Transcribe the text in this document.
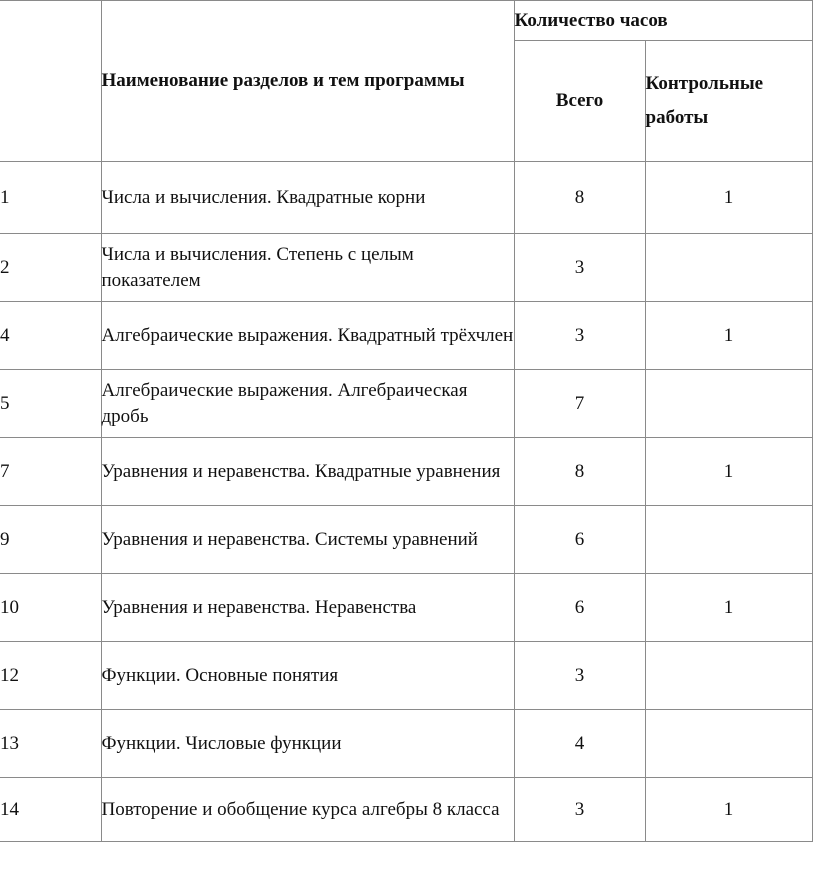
	Наименование разделов и тем программы	Количество часов	
		Всего	Контрольные работы
1	Числа и вычисления. Квадратные корни	8	1
2	Числа и вычисления. Степень с целым показателем	3	
4	Алгебраические выражения. Квадратный трёхчлен	3	1
5	Алгебраические выражения. Алгебраическая дробь	7	
7	Уравнения и неравенства. Квадратные уравнения	8	1
9	Уравнения и неравенства. Системы уравнений	6	
10	Уравнения и неравенства. Неравенства	6	1
12	Функции. Основные понятия	3	
13	Функции. Числовые функции	4	
14	Повторение и обобщение курса алгебры 8 класса	3	1
